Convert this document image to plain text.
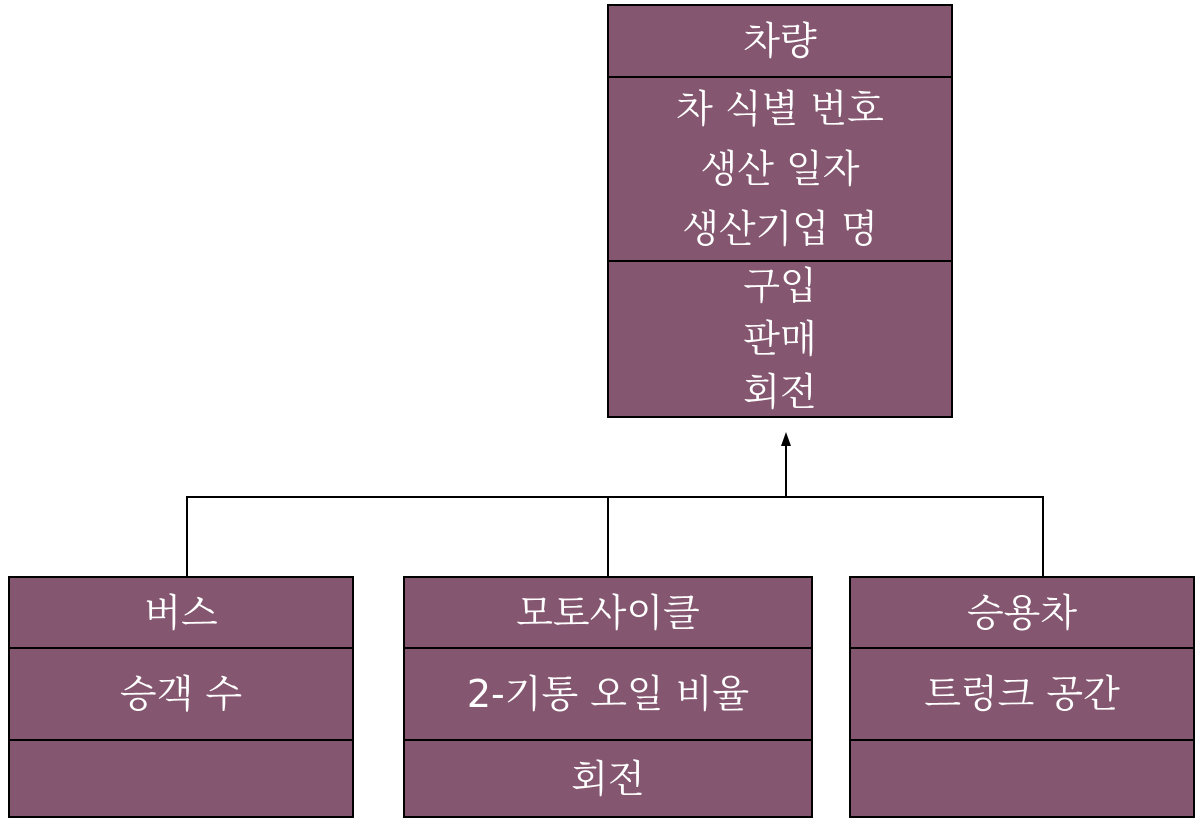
차량
차 식별 번호
생산 일자
생산기업 명
구입
판매
회전
버스
승객 수
모토사이클
2-기통 오일 비율
회전
승용차
트렁크 공간
